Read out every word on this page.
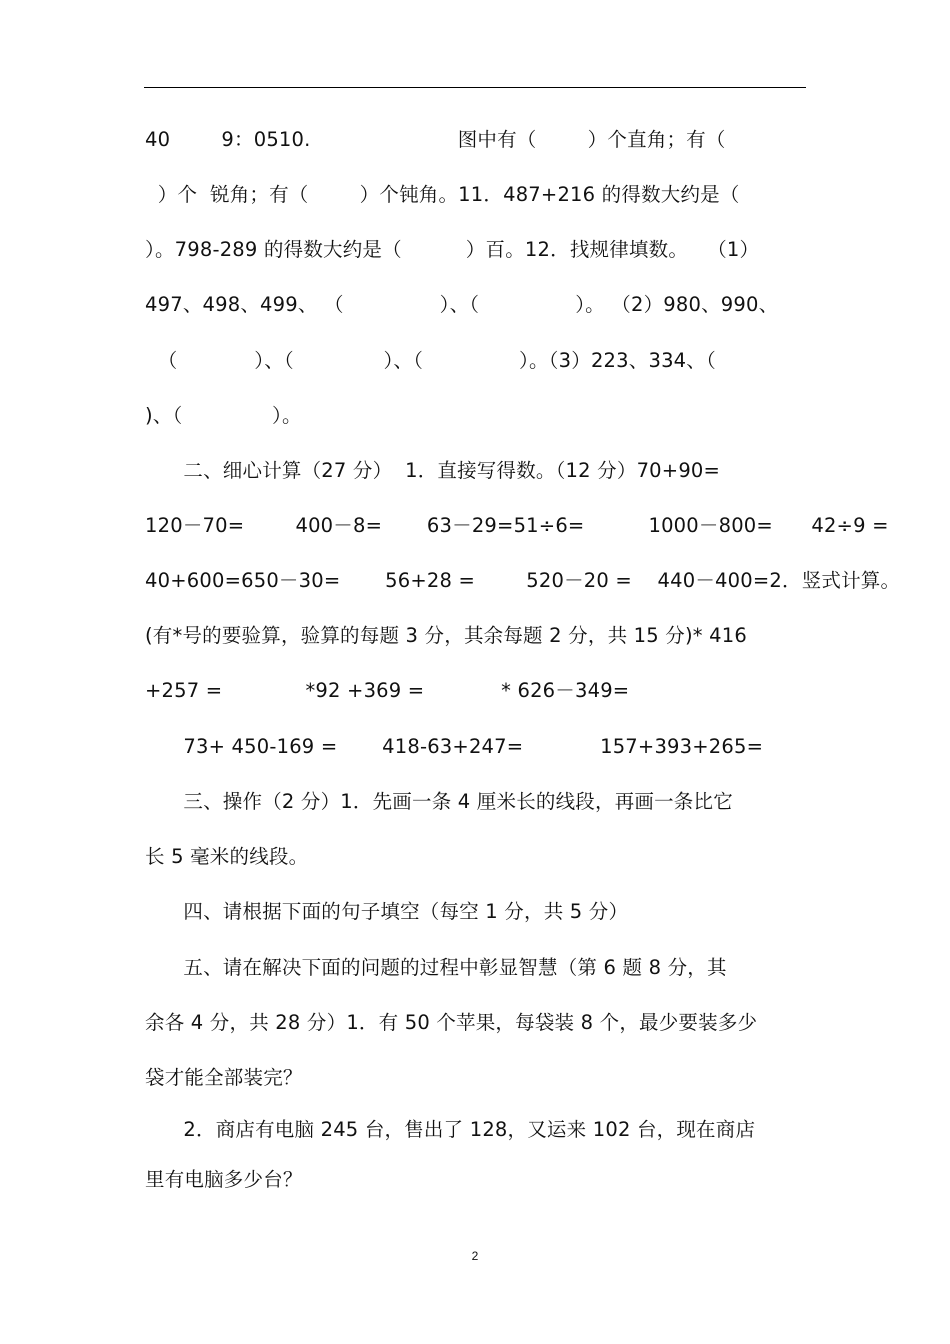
40        9：0510.                       图中有（        ）个直角；有（
）个  锐角；有（        ）个钝角。11．487+216 的得数大约是（
）。798-289 的得数大约是（          ）百。12．找规律填数。   （1）
497、498、499、 （               ）、（               ）。 （2）980、990、
（            ）、（              ）、（               ）。（3）223、334、（
)、（              ）。
二、细心计算（27 分）  1．直接写得数。（12 分）70+90=
120－70=        400－8=       63－29=51÷6=          1000－800=      42÷9 =
40+600=650－30=       56+28 =        520－20 =    440－400=2．竖式计算。
(有*号的要验算，验算的每题 3 分，其余每题 2 分，共 15 分)* 416
+257 =             *92 +369 =            * 626－349=
73+ 450-169 =       418-63+247=            157+393+265=
三、操作（2 分）1．先画一条 4 厘米长的线段，再画一条比它
长 5 毫米的线段。
四、请根据下面的句子填空（每空 1 分，共 5 分）
五、请在解决下面的问题的过程中彰显智慧（第 6 题 8 分，其
余各 4 分，共 28 分）1．有 50 个苹果，每袋装 8 个，最少要装多少
袋才能全部装完？
2．商店有电脑 245 台，售出了 128，又运来 102 台，现在商店
里有电脑多少台？
2
